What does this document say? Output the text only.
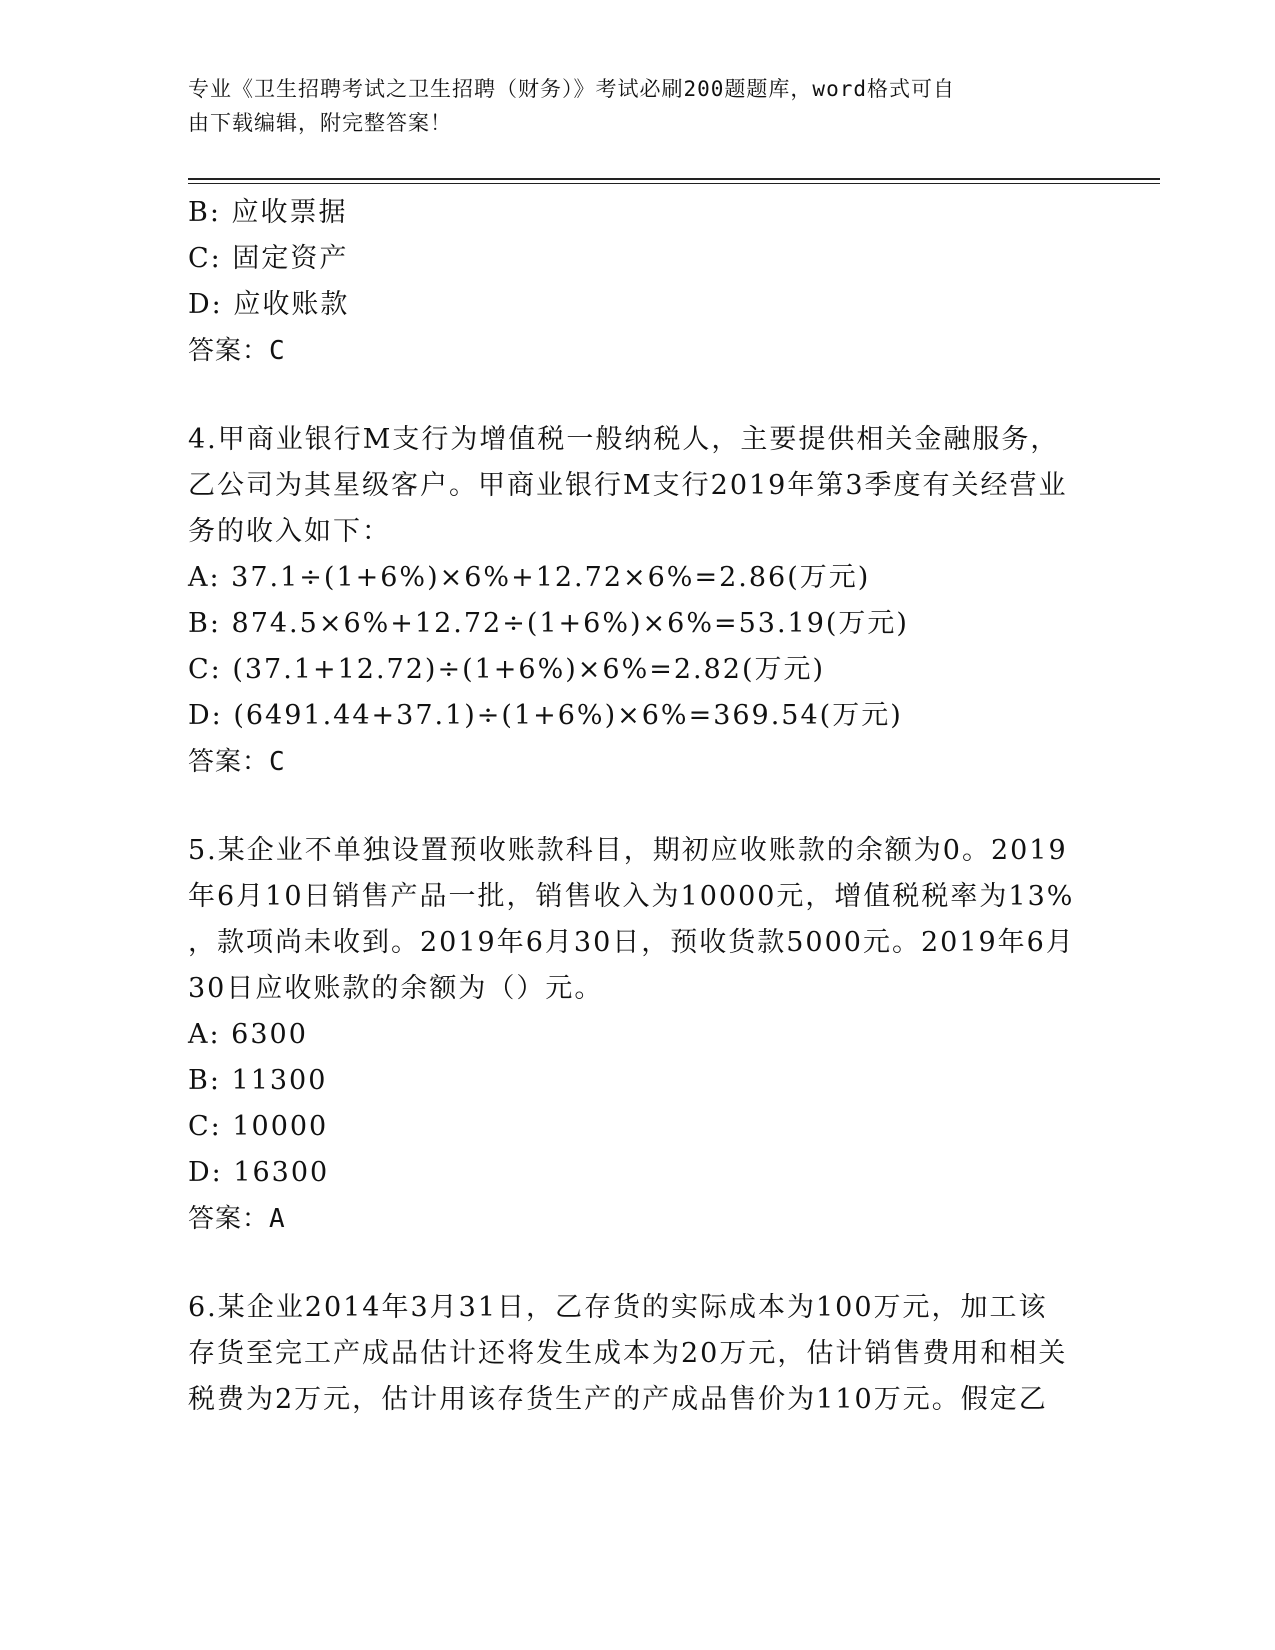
专业《卫生招聘考试之卫生招聘（财务）》考试必刷200题题库，word格式可自
由下载编辑，附完整答案！
B: 应收票据
C: 固定资产
D: 应收账款
答案：C
4.甲商业银行M支行为增值税一般纳税人，主要提供相关金融服务，
乙公司为其星级客户。甲商业银行M支行2019年第3季度有关经营业
务的收入如下：
A: 37.1÷(1+6%)×6%+12.72×6%=2.86(万元)
B: 874.5×6%+12.72÷(1+6%)×6%=53.19(万元)
C: (37.1+12.72)÷(1+6%)×6%=2.82(万元)
D: (6491.44+37.1)÷(1+6%)×6%=369.54(万元)
答案：C
5.某企业不单独设置预收账款科目，期初应收账款的余额为0。2019
年6月10日销售产品一批，销售收入为10000元，增值税税率为13%
，款项尚未收到。2019年6月30日，预收货款5000元。2019年6月
30日应收账款的余额为（）元。
A: 6300
B: 11300
C: 10000
D: 16300
答案：A
6.某企业2014年3月31日，乙存货的实际成本为100万元，加工该
存货至完工产成品估计还将发生成本为20万元，估计销售费用和相关
税费为2万元，估计用该存货生产的产成品售价为110万元。假定乙
